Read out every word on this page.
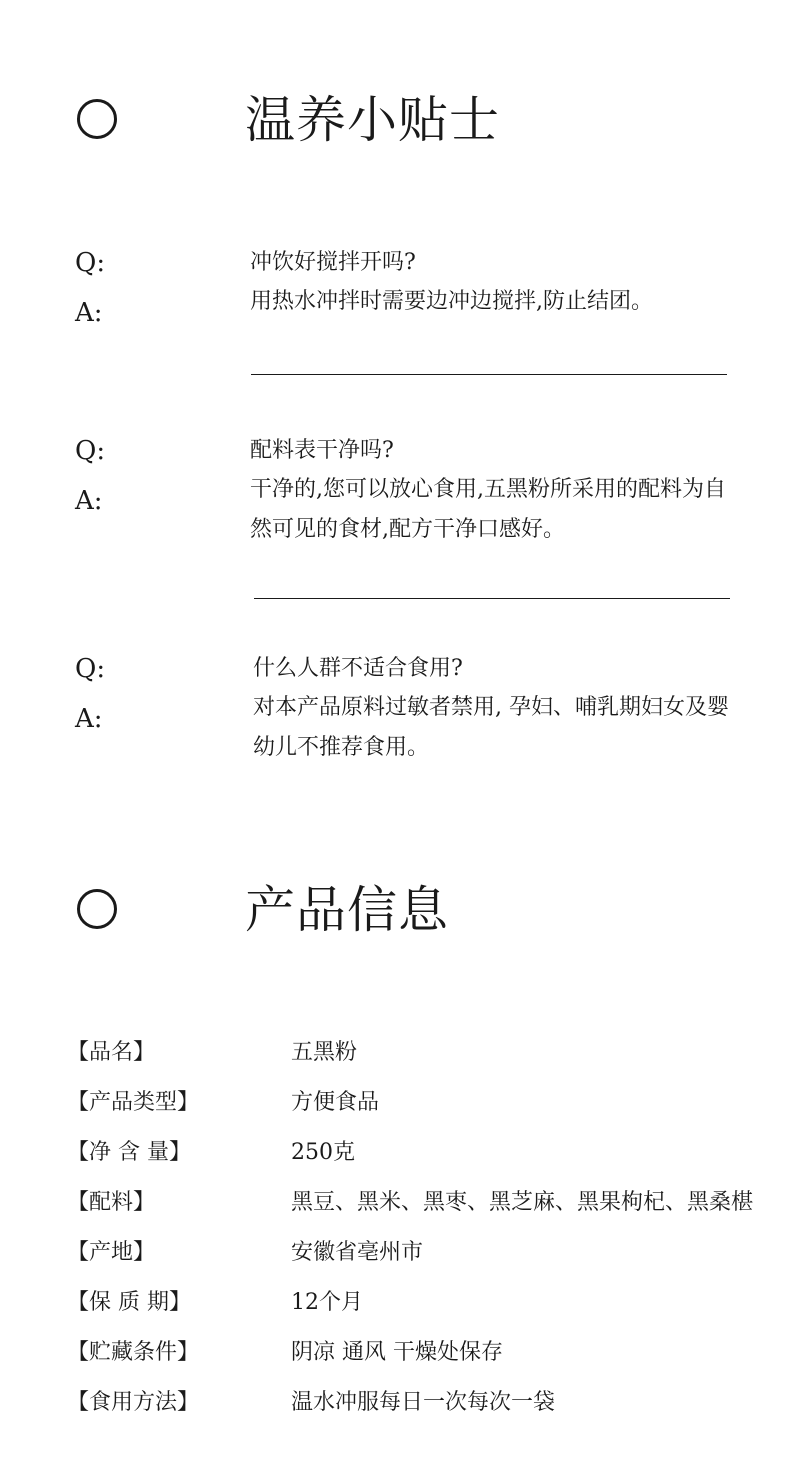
温养小贴士
Q:	冲饮好搅拌开吗?
A:	用热水冲拌时需要边冲边搅拌,防止结团。
Q:	配料表干净吗?
A:	干净的,您可以放心食用,五黑粉所采用的配料为自然可见的食材,配方干净口感好。
Q:	什么人群不适合食用?
A:	对本产品原料过敏者禁用, 孕妇、哺乳期妇女及婴幼儿不推荐食用。
产品信息
【品名】	五黑粉
【产品类型】	方便食品
【净 含 量】	250克
【配料】	黑豆、黑米、黑枣、黑芝麻、黑果枸杞、黑桑椹
【产地】	安徽省亳州市
【保 质 期】	12个月
【贮藏条件】	阴凉 通风 干燥处保存
【食用方法】	温水冲服每日一次每次一袋
